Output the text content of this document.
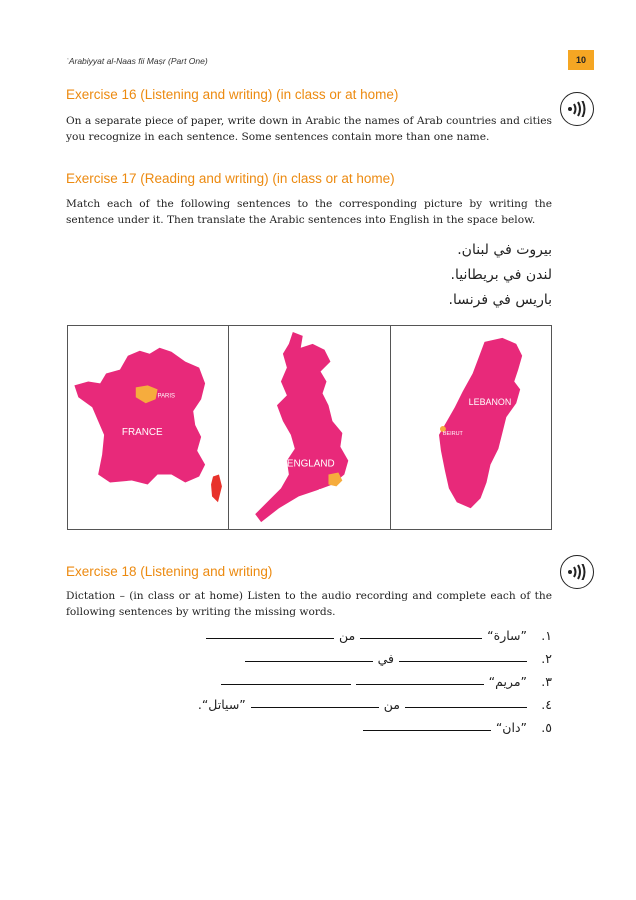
ʿArabiyyat al-Naas fii Maṣr (Part One)	10
Exercise 16 (Listening and writing) (in class or at home)
On a separate piece of paper, write down in Arabic the names of Arab countries and cities you recognize in each sentence. Some sentences contain more than one name.
Exercise 17 (Reading and writing) (in class or at home)
Match each of the following sentences to the corresponding picture by writing the sentence under it. Then translate the Arabic sentences into English in the space below.
بيروت في لبنان.
لندن في بريطانيا.
باريس في فرنسا.
PARIS
FRANCE
ENGLAND
LONDON
LEBANON
BEIRUT
Exercise 18 (Listening and writing)
Dictation – (in class or at home) Listen to the audio recording and complete each of the following sentences by writing the missing words.
١.
”سارة“
من
٢.
في
٣.
”مريم“
٤.
من
”سياتل“.
٥.
”دان“
